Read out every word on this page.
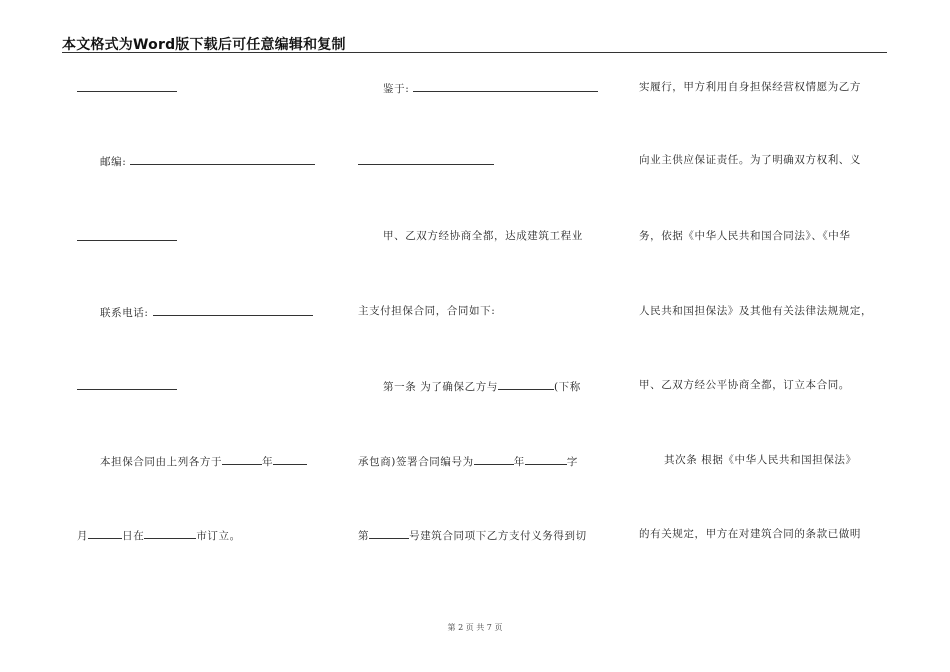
本文格式为Word版下载后可任意编辑和复制
邮编:
联系电话:
本担保合同由上列各方于	年
月	日在	市订立。
鉴于:
甲、乙双方经协商全都，达成建筑工程业
主支付担保合同，合同如下:
第一条 为了确保乙方与	(下称
承包商)签署合同编号为	年	字
第	号建筑合同项下乙方支付义务得到切
实履行，甲方利用自身担保经营权情愿为乙方
向业主供应保证责任。为了明确双方权利、义
务，依据《中华人民共和国合同法》、《中华
人民共和国担保法》及其他有关法律法规规定，
甲、乙双方经公平协商全都，订立本合同。
其次条 根据《中华人民共和国担保法》
的有关规定，甲方在对建筑合同的条款已做明
第 2 页 共 7 页
